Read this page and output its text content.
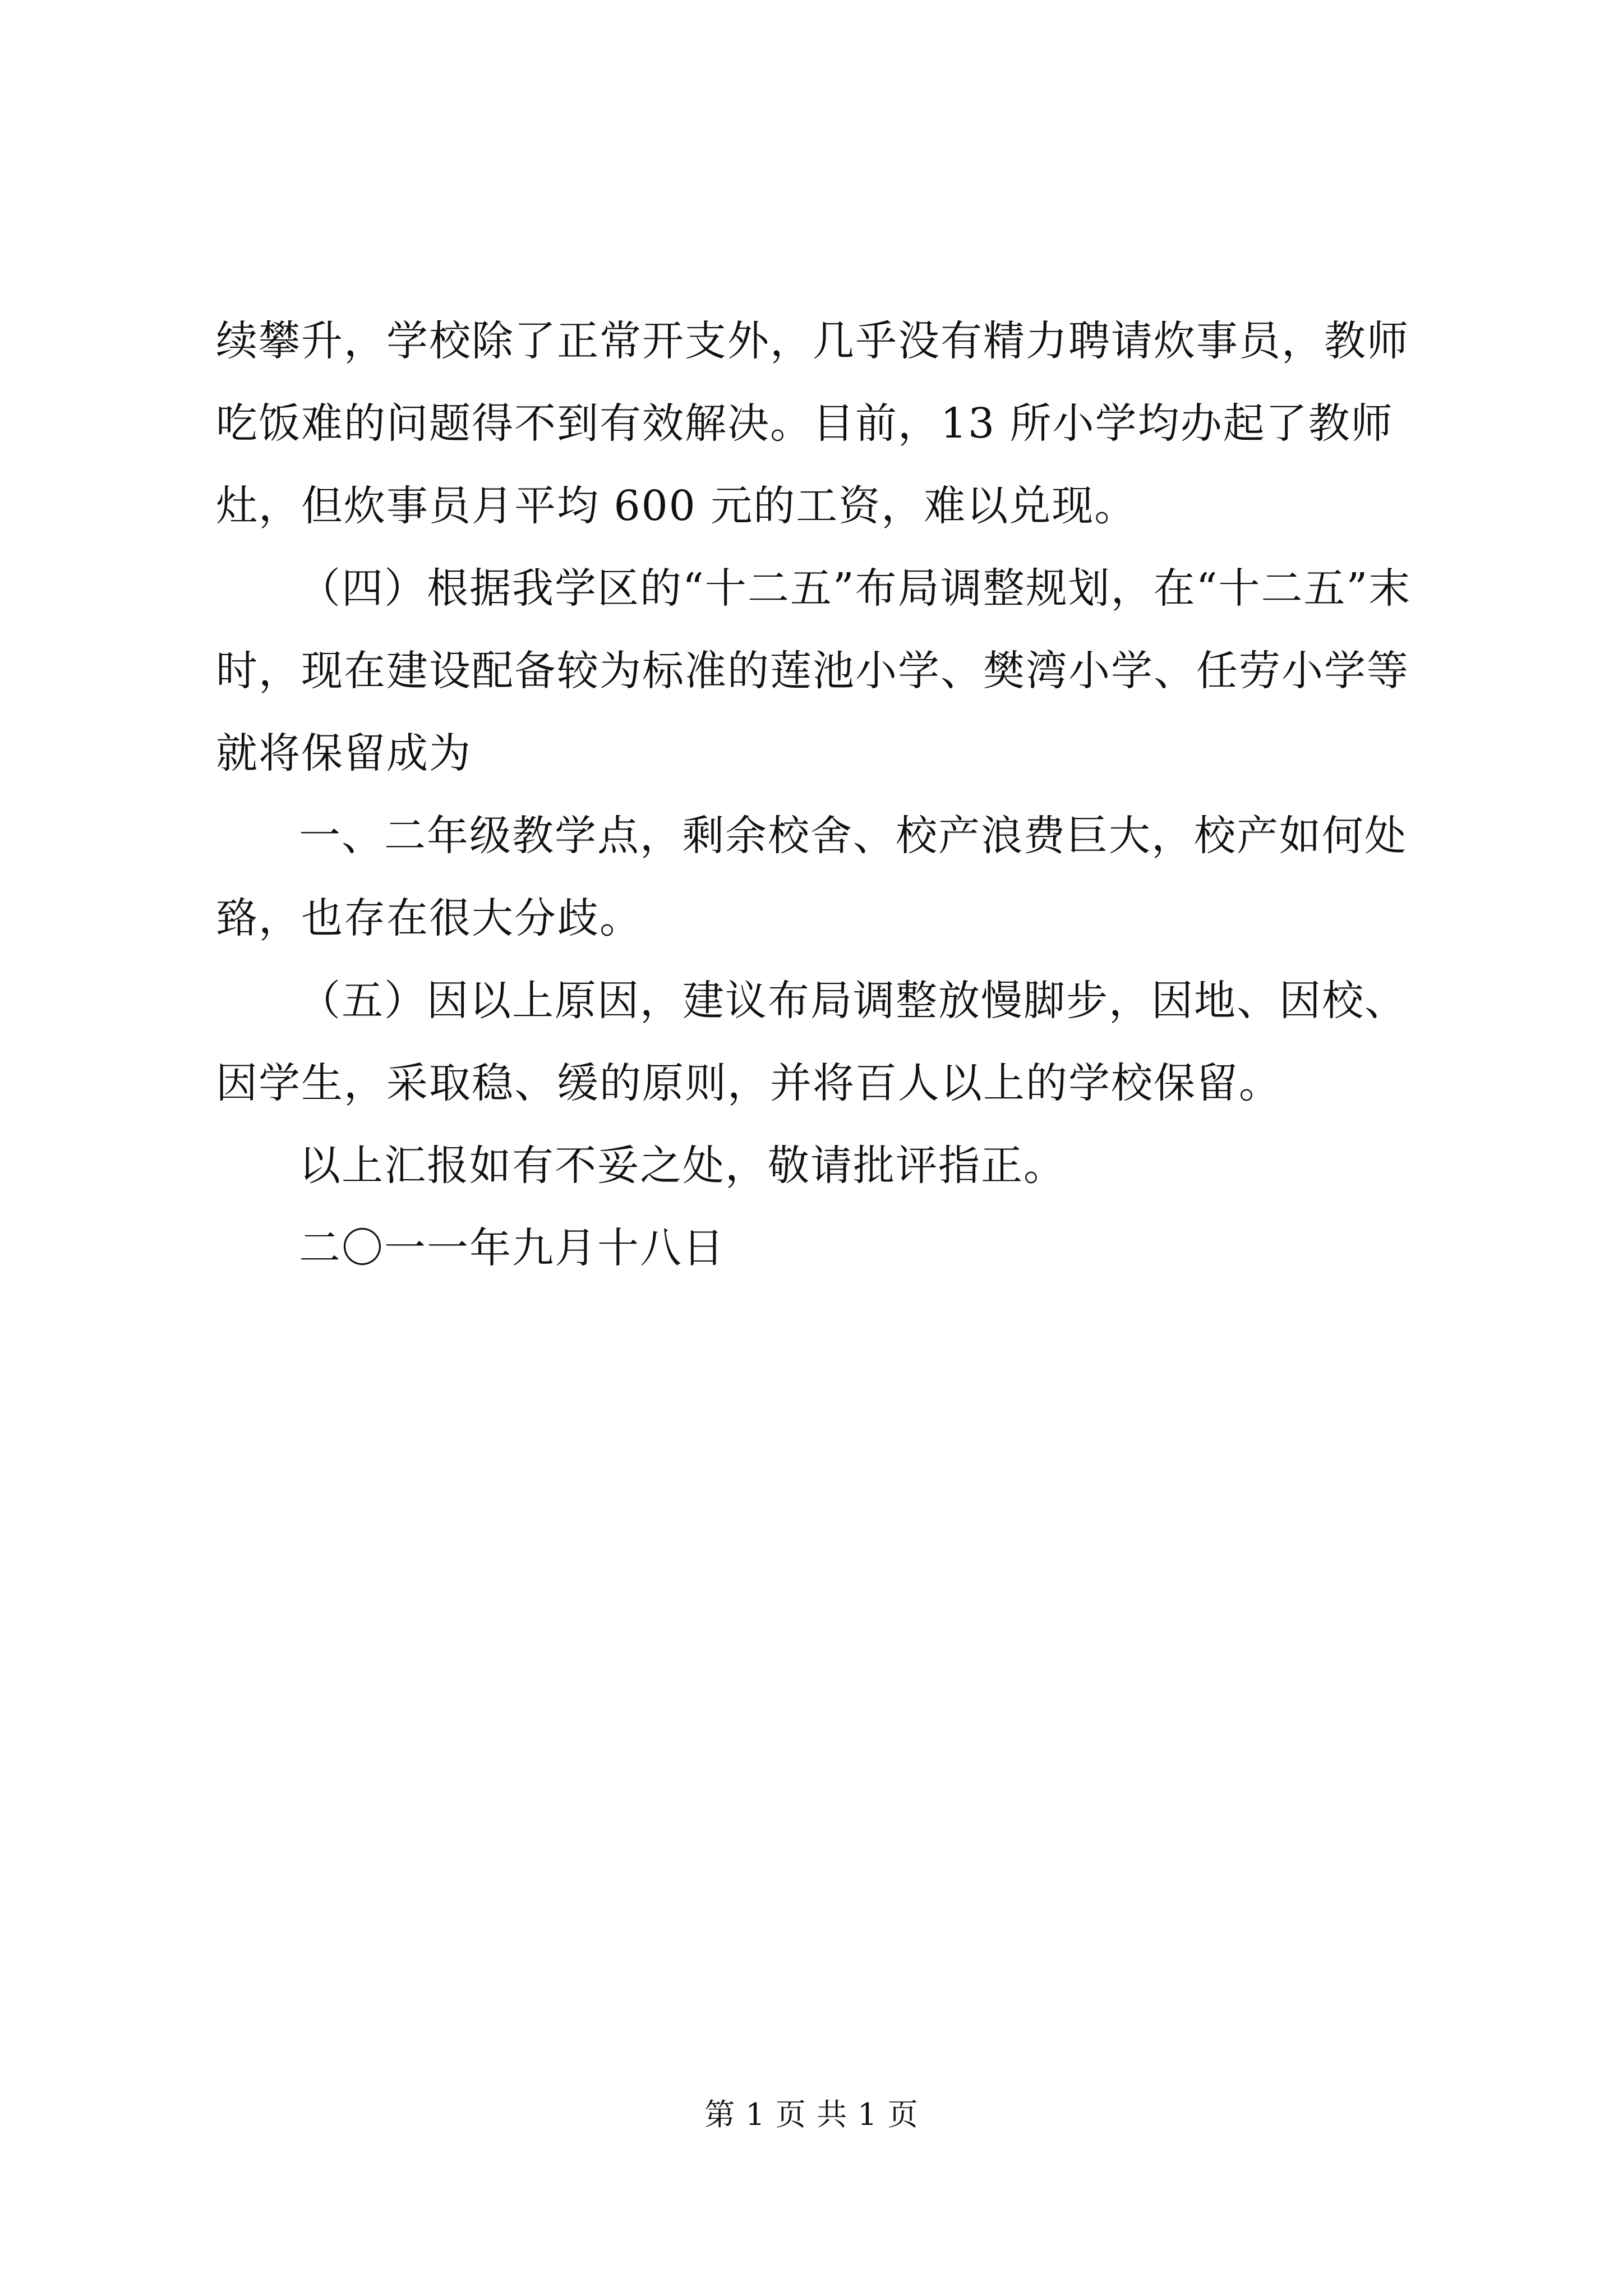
续攀升，学校除了正常开支外，几乎没有精力聘请炊事员，教师吃饭难的问题得不到有效解决。目前，13 所小学均办起了教师灶，但炊事员月平均 600 元的工资，难以兑现。

（四）根据我学区的“十二五”布局调整规划，在“十二五”末时，现在建设配备较为标准的莲池小学、樊湾小学、任劳小学等就将保留成为

一、二年级教学点，剩余校舍、校产浪费巨大，校产如何处臵，也存在很大分歧。

（五）因以上原因，建议布局调整放慢脚步，因地、因校、因学生，采取稳、缓的原则，并将百人以上的学校保留。

以上汇报如有不妥之处，敬请批评指正。

二〇一一年九月十八日

第 1 页 共 1 页
